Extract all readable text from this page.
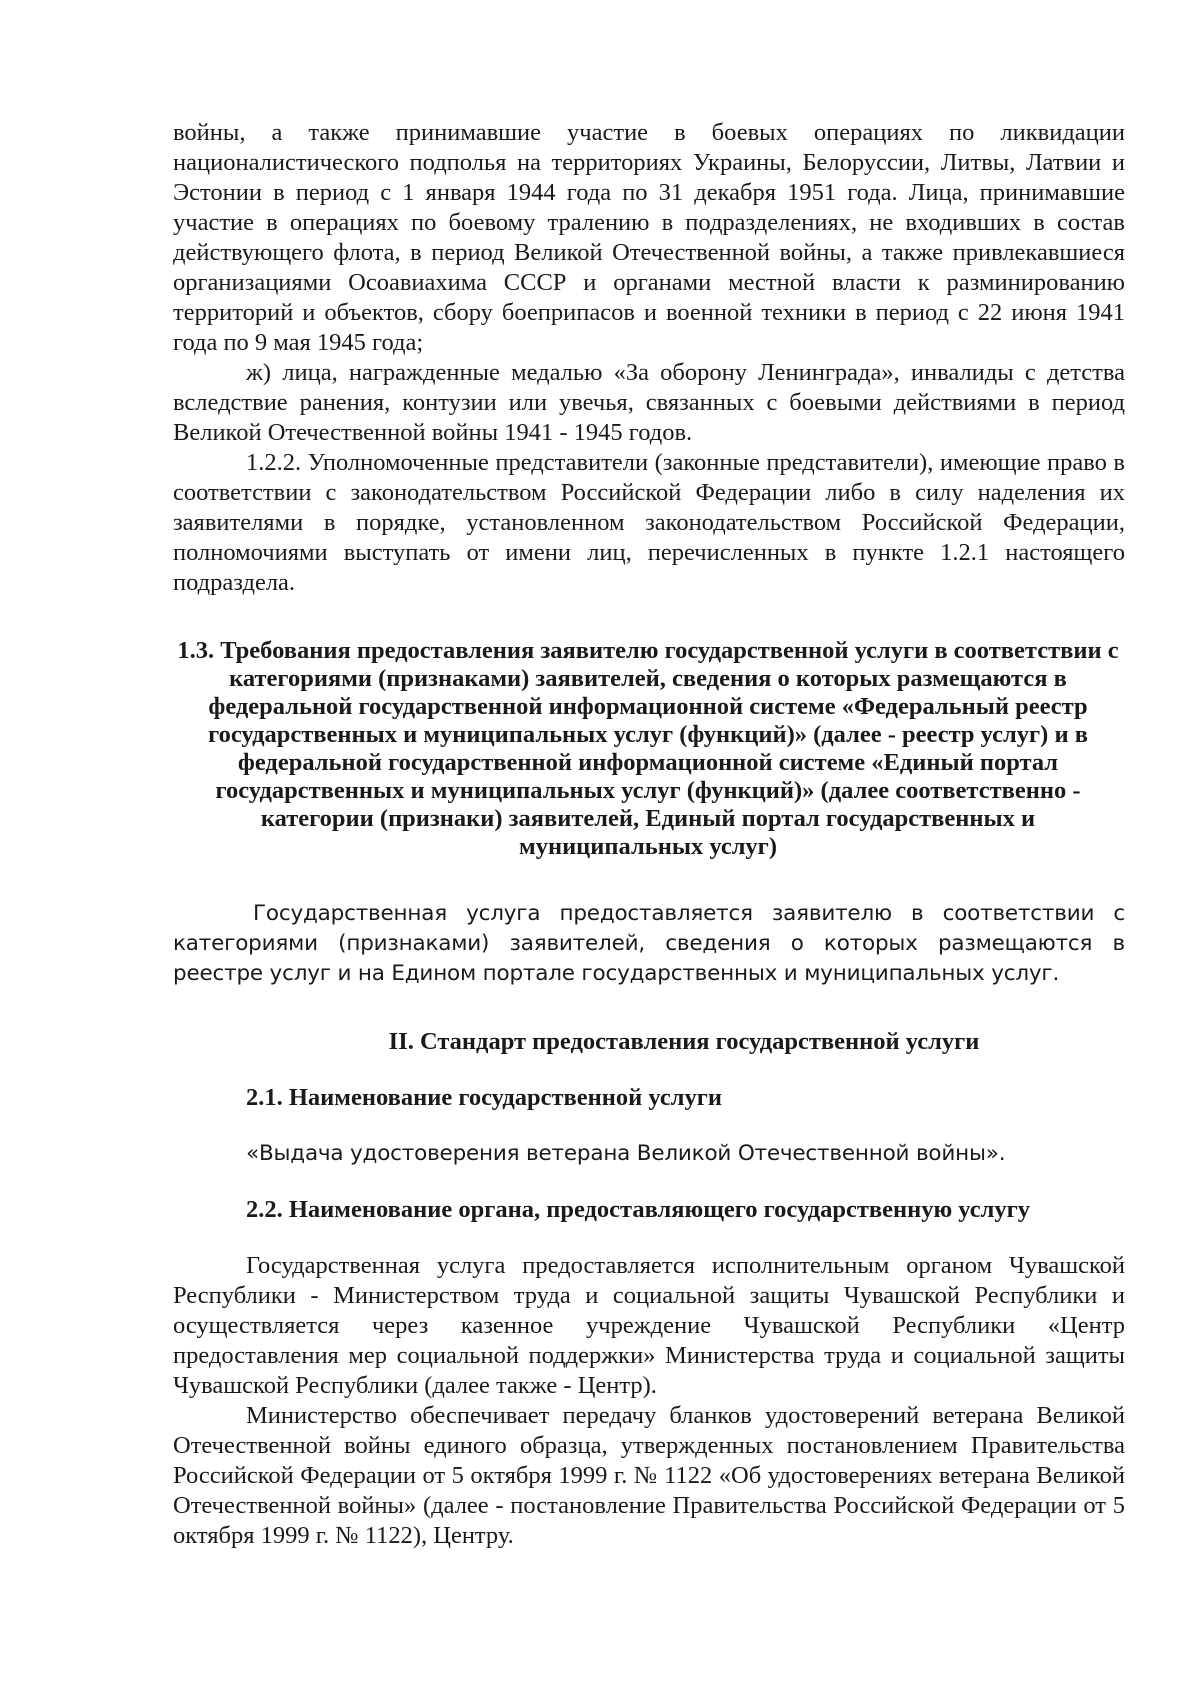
войны, а также принимавшие участие в боевых операциях по ликвидации националистического подполья на территориях Украины, Белоруссии, Литвы, Латвии и Эстонии в период с 1 января 1944 года по 31 декабря 1951 года. Лица, принимавшие участие в операциях по боевому тралению в подразделениях, не входивших в состав действующего флота, в период Великой Отечественной войны, а также привлекавшиеся организациями Осоавиахима СССР и органами местной власти к разминированию территорий и объектов, сбору боеприпасов и военной техники в период с 22 июня 1941 года по 9 мая 1945 года;

ж) лица, награжденные медалью «За оборону Ленинграда», инвалиды с детства вследствие ранения, контузии или увечья, связанных с боевыми действиями в период Великой Отечественной войны 1941 - 1945 годов.

1.2.2. Уполномоченные представители (законные представители), имеющие право в соответствии с законодательством Российской Федерации либо в силу наделения их заявителями в порядке, установленном законодательством Российской Федерации, полномочиями выступать от имени лиц, перечисленных в пункте 1.2.1 настоящего подраздела.

1.3. Требования предоставления заявителю государственной услуги в соответствии с категориями (признаками) заявителей, сведения о которых размещаются в федеральной государственной информационной системе «Федеральный реестр государственных и муниципальных услуг (функций)» (далее - реестр услуг) и в федеральной государственной информационной системе «Единый портал государственных и муниципальных услуг (функций)» (далее соответственно - категории (признаки) заявителей, Единый портал государственных и муниципальных услуг)

Государственная услуга предоставляется заявителю в соответствии с категориями (признаками) заявителей, сведения о которых размещаются в реестре услуг и на Едином портале государственных и муниципальных услуг.

II. Стандарт предоставления государственной услуги
2.1. Наименование государственной услуги

«Выдача удостоверения ветерана Великой Отечественной войны».

2.2. Наименование органа, предоставляющего государственную услугу

Государственная услуга предоставляется исполнительным органом Чувашской Республики - Министерством труда и социальной защиты Чувашской Республики и осуществляется через казенное учреждение Чувашской Республики «Центр предоставления мер социальной поддержки» Министерства труда и социальной защиты Чувашской Республики (далее также - Центр).

Министерство обеспечивает передачу бланков удостоверений ветерана Великой Отечественной войны единого образца, утвержденных постановлением Правительства Российской Федерации от 5 октября 1999 г. № 1122 «Об удостоверениях ветерана Великой Отечественной войны» (далее - постановление Правительства Российской Федерации от 5 октября 1999 г. № 1122), Центру.
